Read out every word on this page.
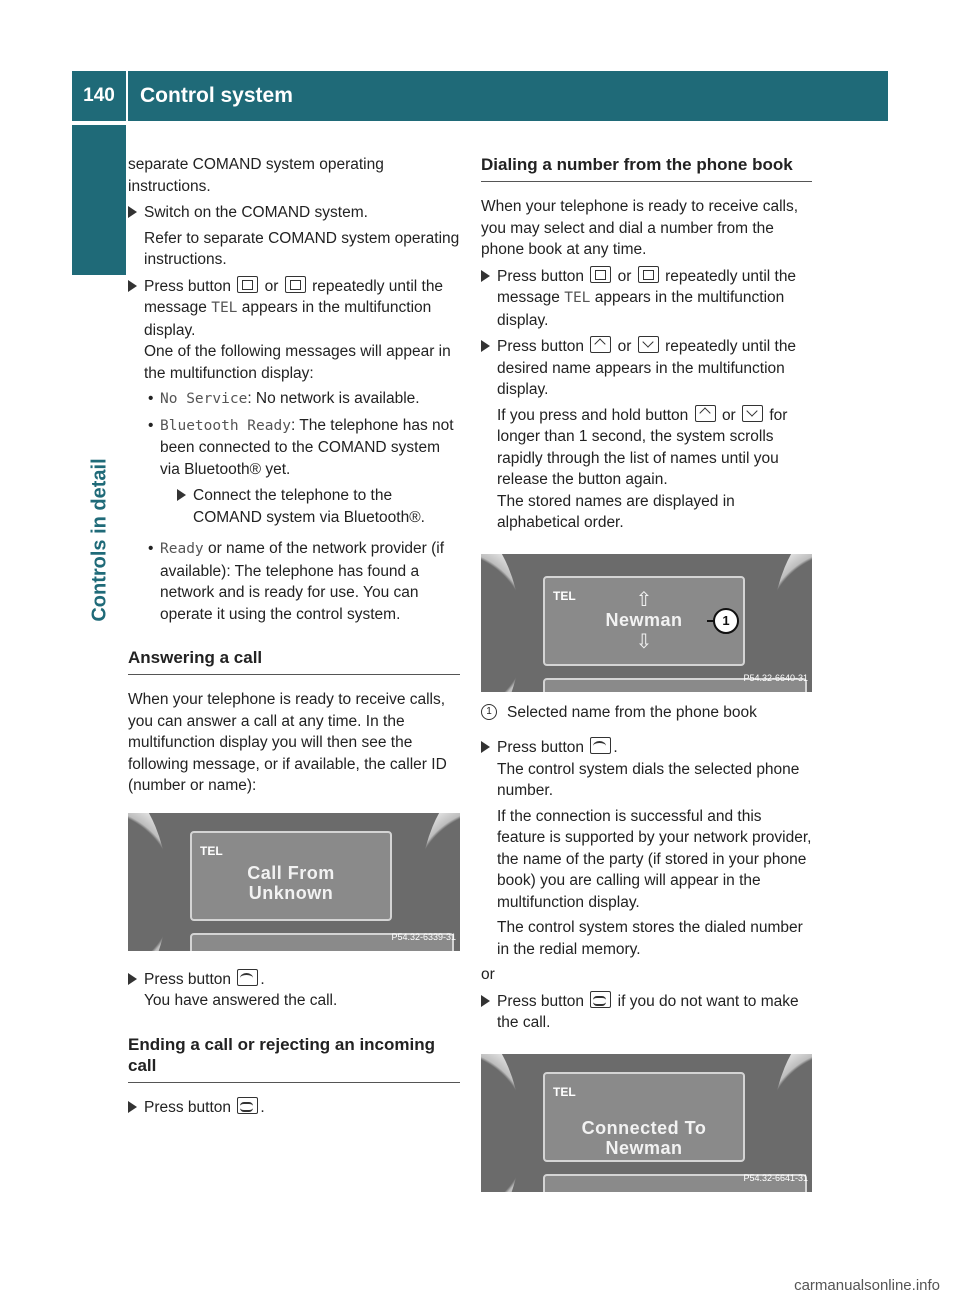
140	Control system
Controls in detail

separate COMAND system operating instructions.

Switch on the COMAND system.

Refer to separate COMAND system operating instructions.

Press button or repeatedly until the message TEL appears in the multifunction display.

One of the following messages will appear in the multifunction display:

• No Service: No network is available.
• Bluetooth Ready: The telephone has not been connected to the COMAND system via Bluetooth® yet.

Connect the telephone to the COMAND system via Bluetooth®.

• Ready or name of the network provider (if available): The telephone has found a network and is ready for use. You can operate it using the control system.
Answering a call

When your telephone is ready to receive calls, you can answer a call at any time. In the multifunction display you will then see the following message, or if available, the caller ID (number or name):

TEL
Call From
Unknown
P54.32-6339-31

Press button .

You have answered the call.

Ending a call or rejecting an incoming call

Press button .

Dialing a number from the phone book

When your telephone is ready to receive calls, you may select and dial a number from the phone book at any time.

Press button or repeatedly until the message TEL appears in the multifunction display.

Press button or repeatedly until the desired name appears in the multifunction display.

If you press and hold button or for longer than 1 second, the system scrolls rapidly through the list of names until you release the button again.

The stored names are displayed in alphabetical order.

TEL	⇧
Newman
⇩
1
P54.32-6640-31
1 Selected name from the phone book

Press button .

The control system dials the selected phone number.

If the connection is successful and this feature is supported by your network provider, the name of the party (if stored in your phone book) you are calling will appear in the multifunction display.

The control system stores the dialed number in the redial memory.

or

Press button if you do not want to make the call.

TEL
Connected To
Newman
P54.32-6641-31
carmanualsonline.info
